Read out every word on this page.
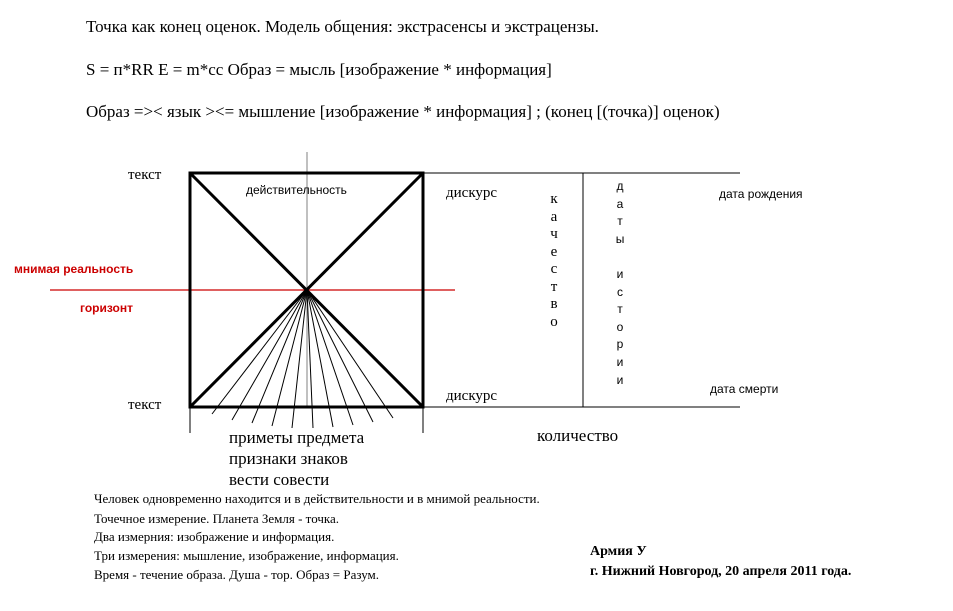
Точка как конец оценок. Модель общения: экстрасенсы и экстрацензы.
S = п*RR E = m*cc Образ = мысль [изображение * информация]
Образ =>< язык ><= мышление [изображение * информация] ; (конец [(точка)] оценок)
текст
текст
действительность
мнимая реальность
горизонт
дискурс
дискурс
к
а
ч
е
с
т
в
о
д
а
т
ы
и
с
т
о
р
и
и
дата рождения
дата смерти
приметы предмета
признаки знаков
вести совести
количество
Человек одновременно находится и в действительности и в мнимой реальности.
Точечное измерение. Планета Земля - точка.
Два измерния: изображение и информация.
Три измерения: мышление, изображение, информация.
Время - течение образа. Душа - тор. Образ = Разум.
Армия У
г. Нижний Новгород, 20 апреля 2011 года.
